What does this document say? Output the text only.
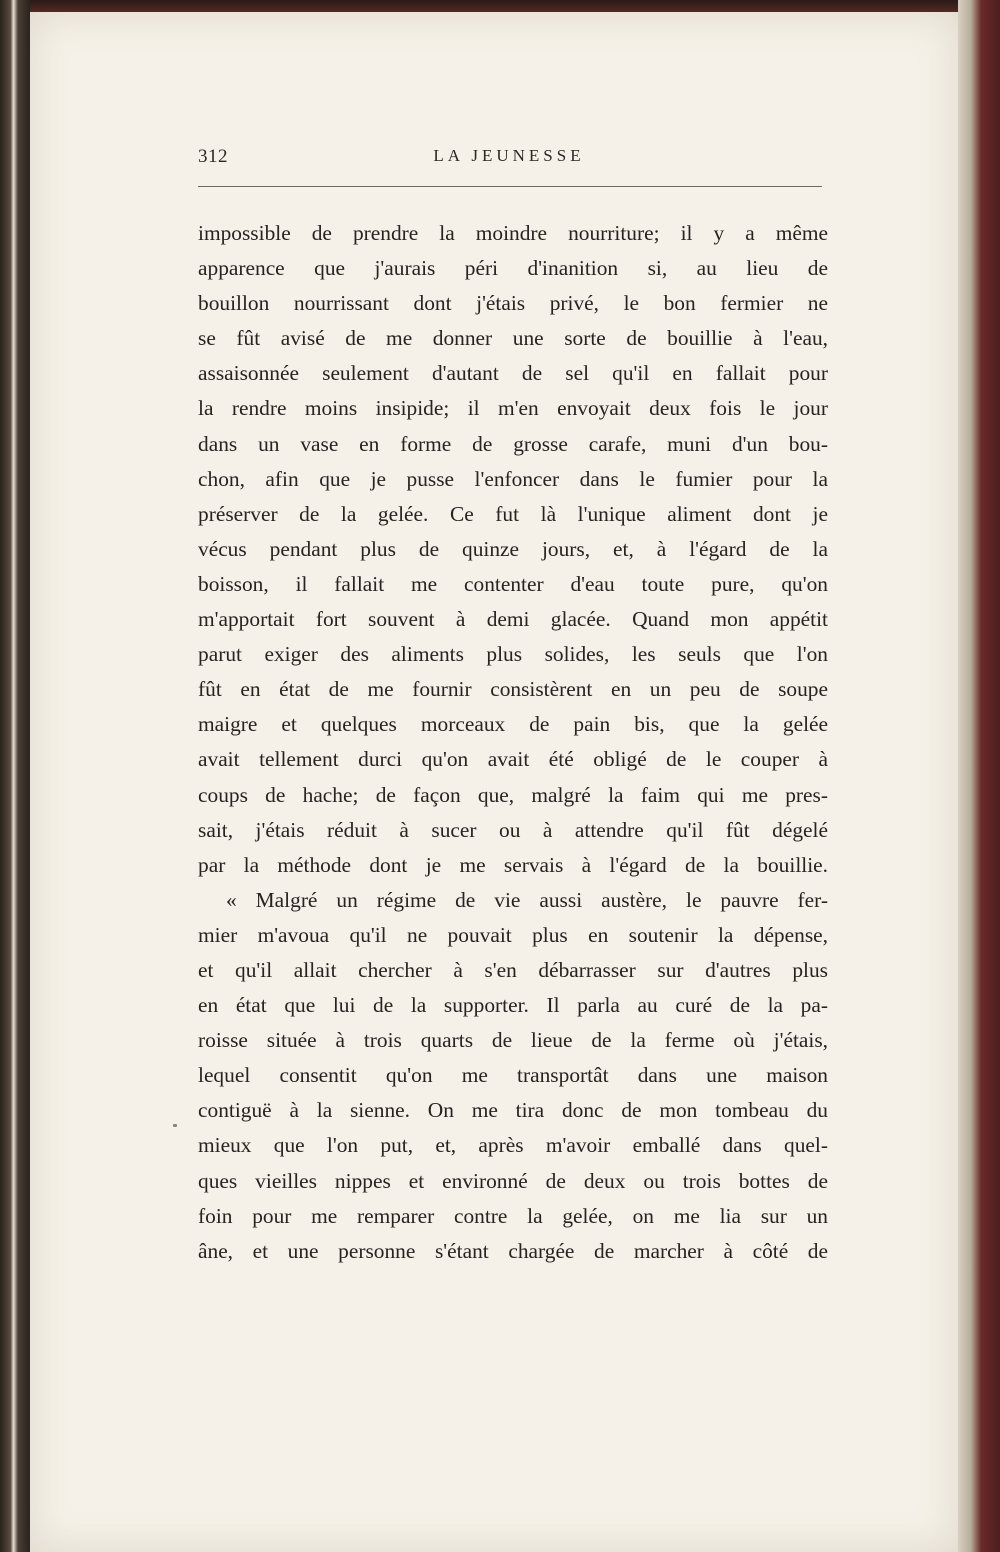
312	LA JEUNESSE
impossible de prendre la moindre nourriture; il y a même
apparence que j'aurais péri d'inanition si, au lieu de
bouillon nourrissant dont j'étais privé, le bon fermier ne
se fût avisé de me donner une sorte de bouillie à l'eau,
assaisonnée seulement d'autant de sel qu'il en fallait pour
la rendre moins insipide; il m'en envoyait deux fois le jour
dans un vase en forme de grosse carafe, muni d'un bou-
chon, afin que je pusse l'enfoncer dans le fumier pour la
préserver de la gelée. Ce fut là l'unique aliment dont je
vécus pendant plus de quinze jours, et, à l'égard de la
boisson, il fallait me contenter d'eau toute pure, qu'on
m'apportait fort souvent à demi glacée. Quand mon appétit
parut exiger des aliments plus solides, les seuls que l'on
fût en état de me fournir consistèrent en un peu de soupe
maigre et quelques morceaux de pain bis, que la gelée
avait tellement durci qu'on avait été obligé de le couper à
coups de hache; de façon que, malgré la faim qui me pres-
sait, j'étais réduit à sucer ou à attendre qu'il fût dégelé
par la méthode dont je me servais à l'égard de la bouillie.
« Malgré un régime de vie aussi austère, le pauvre fer-
mier m'avoua qu'il ne pouvait plus en soutenir la dépense,
et qu'il allait chercher à s'en débarrasser sur d'autres plus
en état que lui de la supporter. Il parla au curé de la pa-
roisse située à trois quarts de lieue de la ferme où j'étais,
lequel consentit qu'on me transportât dans une maison
contiguë à la sienne. On me tira donc de mon tombeau du
mieux que l'on put, et, après m'avoir emballé dans quel-
ques vieilles nippes et environné de deux ou trois bottes de
foin pour me remparer contre la gelée, on me lia sur un
âne, et une personne s'étant chargée de marcher à côté de
